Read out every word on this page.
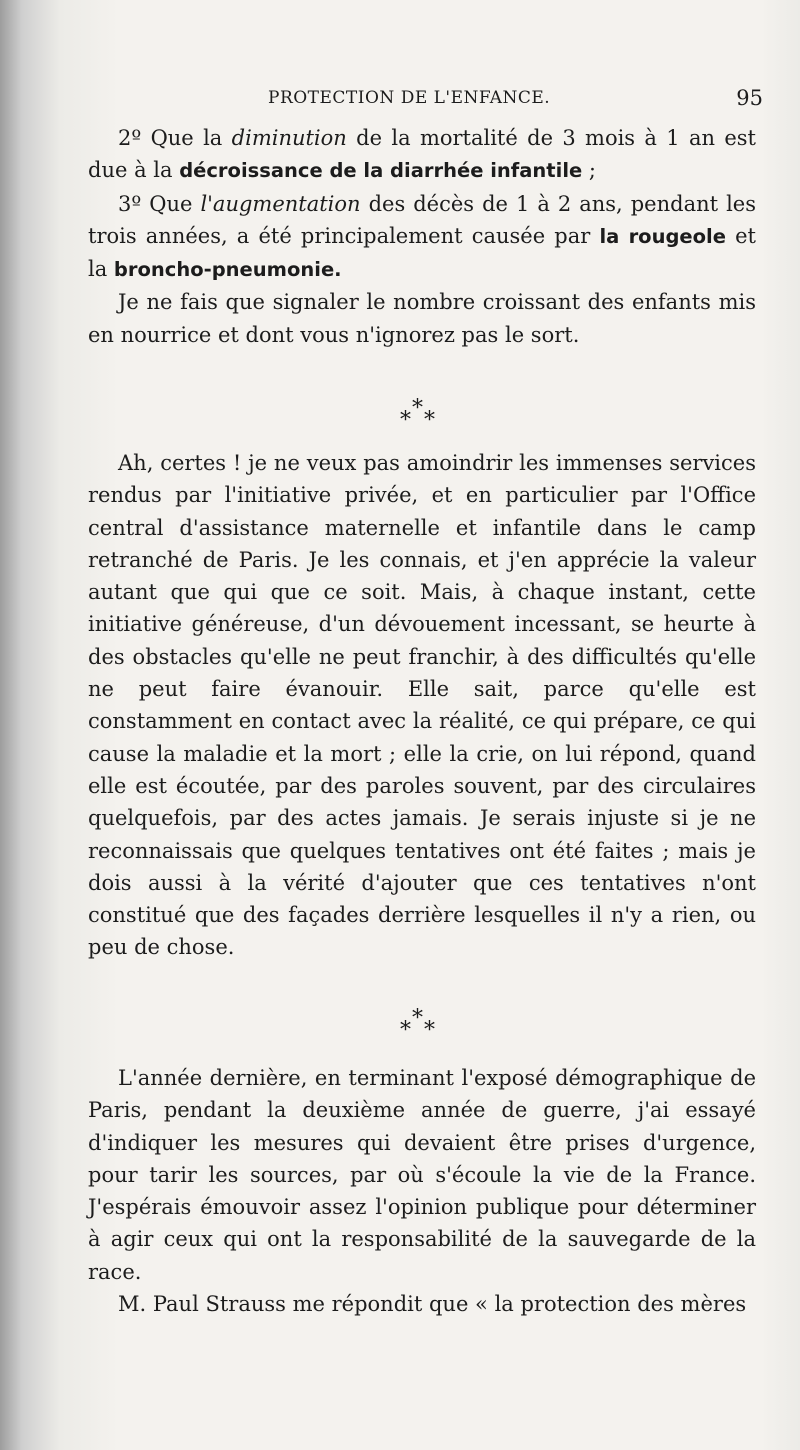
PROTECTION DE L'ENFANCE.	95

2º Que la diminution de la mortalité de 3 mois à 1 an est due à la décroissance de la diarrhée infantile ;

3º Que l'augmentation des décès de 1 à 2 ans, pendant les trois années, a été principalement causée par la rougeole et la broncho-pneumonie.

Je ne fais que signaler le nombre croissant des enfants mis en nourrice et dont vous n'ignorez pas le sort.

*
* *

Ah, certes ! je ne veux pas amoindrir les immenses services rendus par l'initiative privée, et en particulier par l'Office central d'assistance maternelle et infantile dans le camp retranché de Paris. Je les connais, et j'en apprécie la valeur autant que qui que ce soit. Mais, à chaque instant, cette initiative généreuse, d'un dévouement incessant, se heurte à des obstacles qu'elle ne peut franchir, à des difficultés qu'elle ne peut faire évanouir. Elle sait, parce qu'elle est constamment en contact avec la réalité, ce qui prépare, ce qui cause la maladie et la mort ; elle la crie, on lui répond, quand elle est écoutée, par des paroles souvent, par des circulaires quelquefois, par des actes jamais. Je serais injuste si je ne reconnaissais que quelques tentatives ont été faites ; mais je dois aussi à la vérité d'ajouter que ces tentatives n'ont constitué que des façades derrière lesquelles il n'y a rien, ou peu de chose.

*
* *

L'année dernière, en terminant l'exposé démographique de Paris, pendant la deuxième année de guerre, j'ai essayé d'indiquer les mesures qui devaient être prises d'urgence, pour tarir les sources, par où s'écoule la vie de la France. J'espérais émouvoir assez l'opinion publique pour déterminer à agir ceux qui ont la responsabilité de la sauvegarde de la race.

M. Paul Strauss me répondit que « la protection des mères
